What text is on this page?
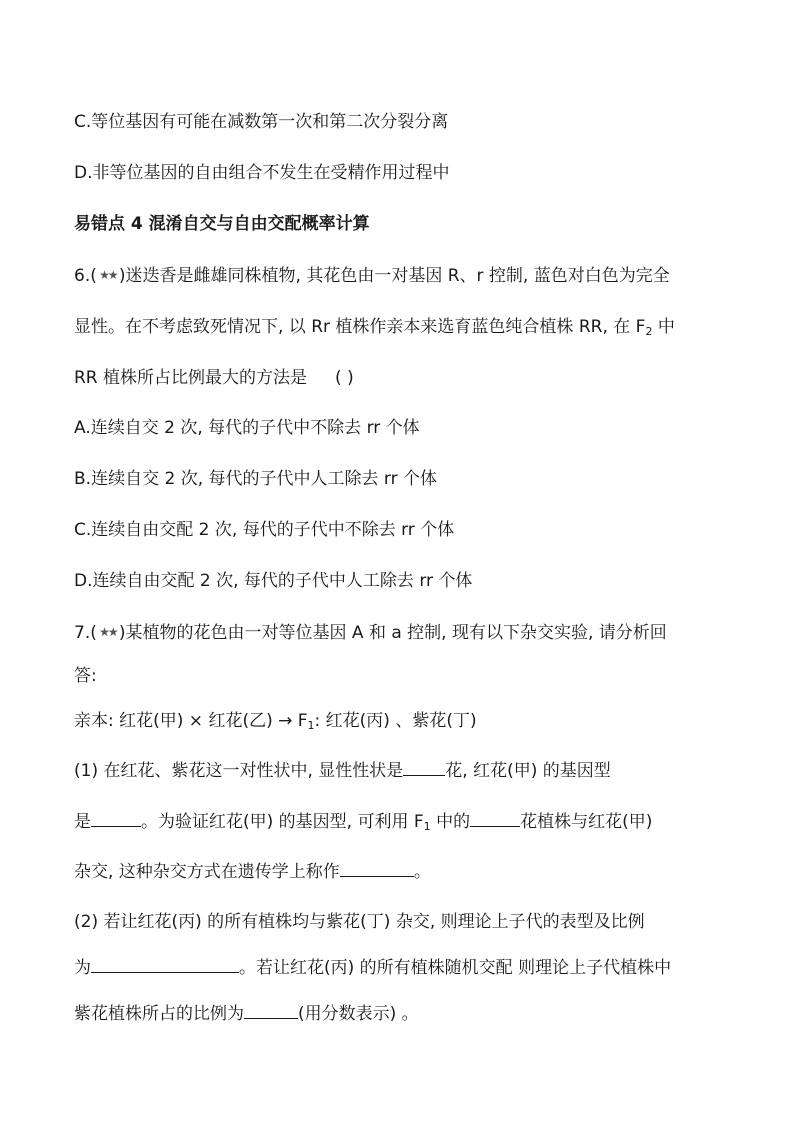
C.等位基因有可能在减数第一次和第二次分裂分离
D.非等位基因的自由组合不发生在受精作用过程中
易错点 4 混淆自交与自由交配概率计算
6.( ★★ )迷迭香是雌雄同株植物, 其花色由一对基因 R、r 控制, 蓝色对白色为完全
显性。在不考虑致死情况下, 以 Rr 植株作亲本来选育蓝色纯合植株 RR, 在 $F_2$ 中
RR 植株所占比例最大的方法是 ( )
A.连续自交 2 次, 每代的子代中不除去 rr 个体
B.连续自交 2 次, 每代的子代中人工除去 rr 个体
C.连续自由交配 2 次, 每代的子代中不除去 rr 个体
D.连续自由交配 2 次, 每代的子代中人工除去 rr 个体
7.( ★★ )某植物的花色由一对等位基因 A 和 a 控制, 现有以下杂交实验, 请分析回
答:
亲本: 红花(甲) × 红花(乙) → $F_1$: 红花(丙) 、紫花(丁)
(1) 在红花、紫花这一对性状中, 显性性状是 花, 红花(甲) 的基因型
是	。为验证红花(甲) 的基因型, 可利用 $F_1$ 中的	花植株与红花(甲)
杂交, 这种杂交方式在遗传学上称作	。
(2) 若让红花(丙) 的所有植株均与紫花(丁) 杂交, 则理论上子代的表型及比例
为	。若让红花(丙) 的所有植株随机交配 则理论上子代植株中
紫花植株所占的比例为	(用分数表示) 。
